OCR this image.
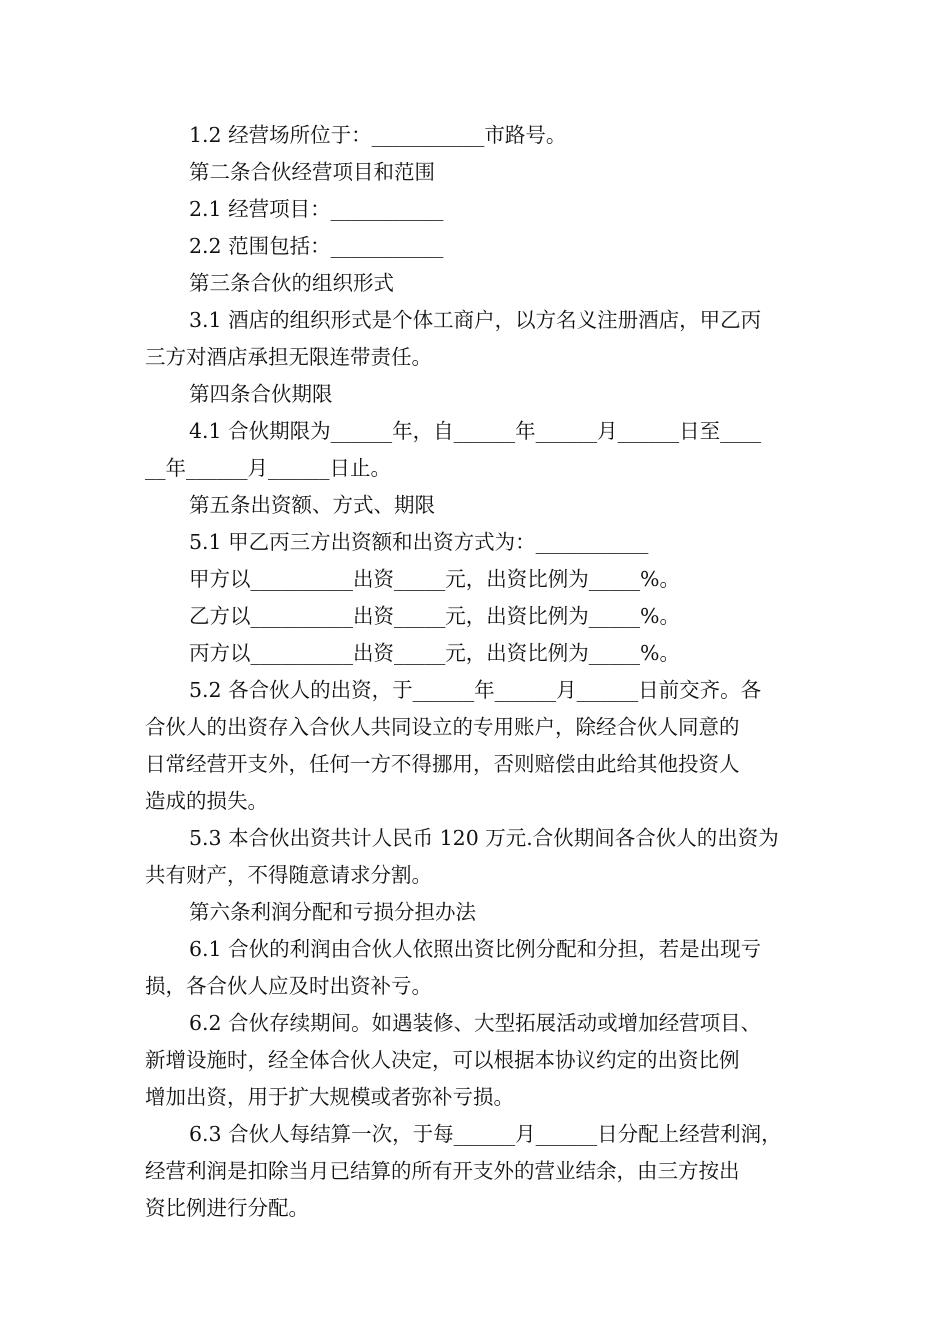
1.2 经营场所位于：___________市路号。
第二条合伙经营项目和范围
2.1 经营项目：___________
2.2 范围包括：___________
第三条合伙的组织形式
3.1 酒店的组织形式是个体工商户，以方名义注册酒店，甲乙丙
三方对酒店承担无限连带责任。
第四条合伙期限
4.1 合伙期限为______年，自______年______月______日至____
__年______月______日止。
第五条出资额、方式、期限
5.1 甲乙丙三方出资额和出资方式为：___________
甲方以__________出资_____元，出资比例为_____%。
乙方以__________出资_____元，出资比例为_____%。
丙方以__________出资_____元，出资比例为_____%。
5.2 各合伙人的出资，于______年______月______日前交齐。各
合伙人的出资存入合伙人共同设立的专用账户，除经合伙人同意的
日常经营开支外，任何一方不得挪用，否则赔偿由此给其他投资人
造成的损失。
5.3 本合伙出资共计人民币 120 万元.合伙期间各合伙人的出资为
共有财产，不得随意请求分割。
第六条利润分配和亏损分担办法
6.1 合伙的利润由合伙人依照出资比例分配和分担，若是出现亏
损，各合伙人应及时出资补亏。
6.2 合伙存续期间。如遇装修、大型拓展活动或增加经营项目、
新增设施时，经全体合伙人决定，可以根据本协议约定的出资比例
增加出资，用于扩大规模或者弥补亏损。
6.3 合伙人每结算一次，于每______月______日分配上经营利润，
经营利润是扣除当月已结算的所有开支外的营业结余，由三方按出
资比例进行分配。
